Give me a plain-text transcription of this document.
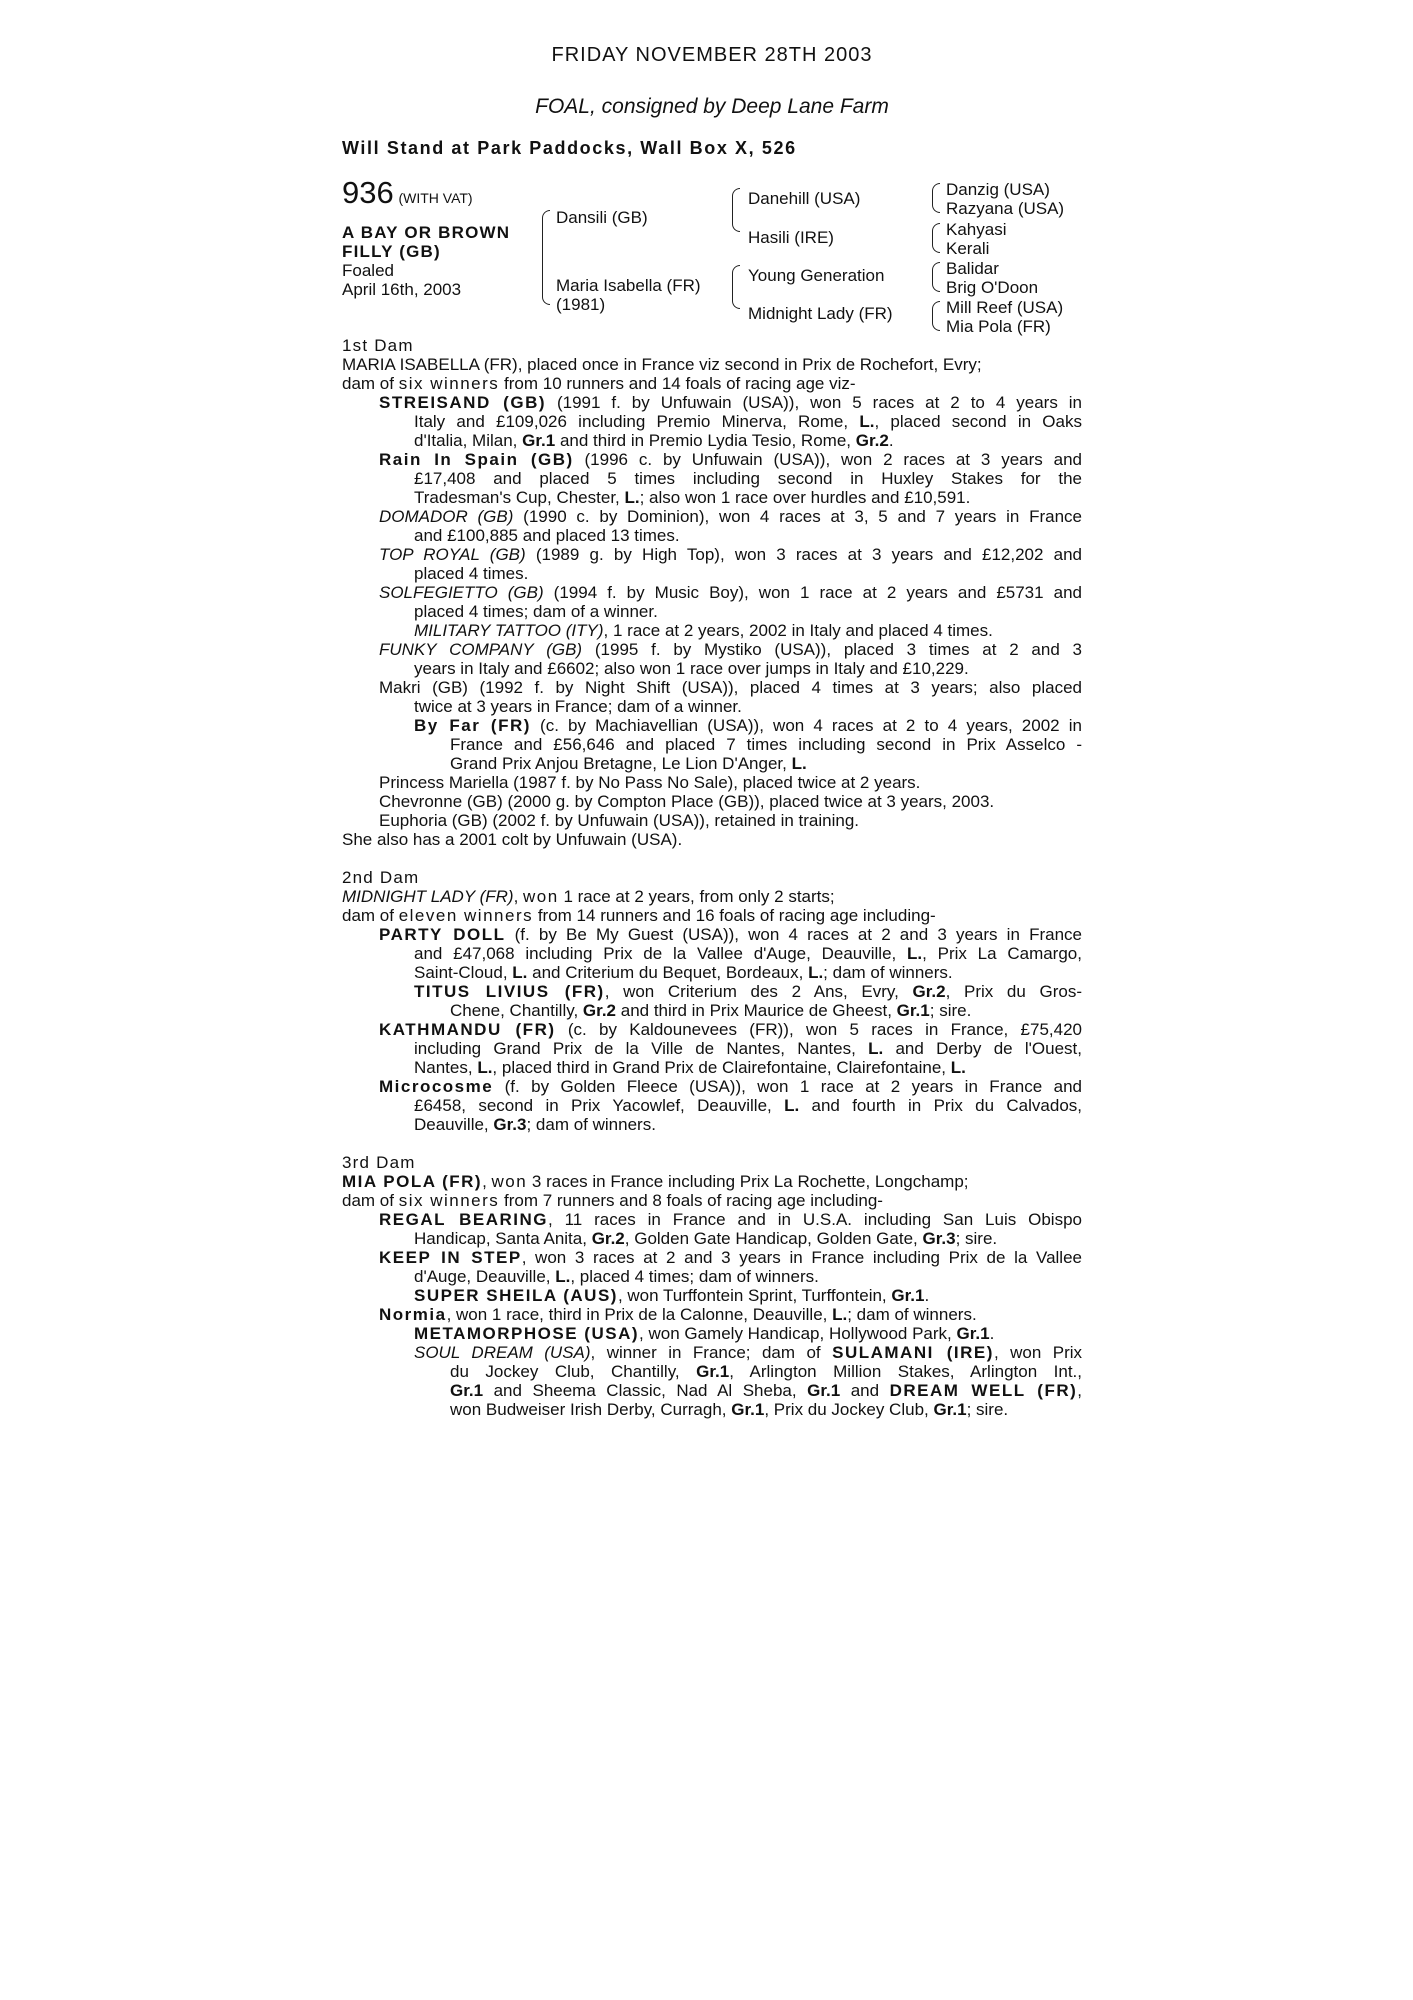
FRIDAY NOVEMBER 28TH 2003
FOAL, consigned by Deep Lane Farm
Will Stand at Park Paddocks, Wall Box X, 526
936 (WITH VAT)
A BAY OR BROWN
FILLY (GB)
Foaled
April 16th, 2003
Dansili (GB)
Maria Isabella (FR)
(1981)
Danehill (USA)
Hasili (IRE)
Young Generation
Midnight Lady (FR)
Danzig (USA)
Razyana (USA)
Kahyasi
Kerali
Balidar
Brig O'Doon
Mill Reef (USA)
Mia Pola (FR)
1st Dam
MARIA ISABELLA (FR), placed once in France viz second in Prix de Rochefort, Evry;
dam of six winners from 10 runners and 14 foals of racing age viz-
STREISAND (GB) (1991 f. by Unfuwain (USA)), won 5 races at 2 to 4 years in
Italy and £109,026 including Premio Minerva, Rome, L., placed second in Oaks
d'Italia, Milan, Gr.1 and third in Premio Lydia Tesio, Rome, Gr.2.
Rain In Spain (GB) (1996 c. by Unfuwain (USA)), won 2 races at 3 years and
£17,408 and placed 5 times including second in Huxley Stakes for the
Tradesman's Cup, Chester, L.; also won 1 race over hurdles and £10,591.
DOMADOR (GB) (1990 c. by Dominion), won 4 races at 3, 5 and 7 years in France
and £100,885 and placed 13 times.
TOP ROYAL (GB) (1989 g. by High Top), won 3 races at 3 years and £12,202 and
placed 4 times.
SOLFEGIETTO (GB) (1994 f. by Music Boy), won 1 race at 2 years and £5731 and
placed 4 times; dam of a winner.
MILITARY TATTOO (ITY), 1 race at 2 years, 2002 in Italy and placed 4 times.
FUNKY COMPANY (GB) (1995 f. by Mystiko (USA)), placed 3 times at 2 and 3
years in Italy and £6602; also won 1 race over jumps in Italy and £10,229.
Makri (GB) (1992 f. by Night Shift (USA)), placed 4 times at 3 years; also placed
twice at 3 years in France; dam of a winner.
By Far (FR) (c. by Machiavellian (USA)), won 4 races at 2 to 4 years, 2002 in
France and £56,646 and placed 7 times including second in Prix Asselco -
Grand Prix Anjou Bretagne, Le Lion D'Anger, L.
Princess Mariella (1987 f. by No Pass No Sale), placed twice at 2 years.
Chevronne (GB) (2000 g. by Compton Place (GB)), placed twice at 3 years, 2003.
Euphoria (GB) (2002 f. by Unfuwain (USA)), retained in training.
She also has a 2001 colt by Unfuwain (USA).
2nd Dam
MIDNIGHT LADY (FR), won 1 race at 2 years, from only 2 starts;
dam of eleven winners from 14 runners and 16 foals of racing age including-
PARTY DOLL (f. by Be My Guest (USA)), won 4 races at 2 and 3 years in France
and £47,068 including Prix de la Vallee d'Auge, Deauville, L., Prix La Camargo,
Saint-Cloud, L. and Criterium du Bequet, Bordeaux, L.; dam of winners.
TITUS LIVIUS (FR), won Criterium des 2 Ans, Evry, Gr.2, Prix du Gros-
Chene, Chantilly, Gr.2 and third in Prix Maurice de Gheest, Gr.1; sire.
KATHMANDU (FR) (c. by Kaldounevees (FR)), won 5 races in France, £75,420
including Grand Prix de la Ville de Nantes, Nantes, L. and Derby de l'Ouest,
Nantes, L., placed third in Grand Prix de Clairefontaine, Clairefontaine, L.
Microcosme (f. by Golden Fleece (USA)), won 1 race at 2 years in France and
£6458, second in Prix Yacowlef, Deauville, L. and fourth in Prix du Calvados,
Deauville, Gr.3; dam of winners.
3rd Dam
MIA POLA (FR), won 3 races in France including Prix La Rochette, Longchamp;
dam of six winners from 7 runners and 8 foals of racing age including-
REGAL BEARING, 11 races in France and in U.S.A. including San Luis Obispo
Handicap, Santa Anita, Gr.2, Golden Gate Handicap, Golden Gate, Gr.3; sire.
KEEP IN STEP, won 3 races at 2 and 3 years in France including Prix de la Vallee
d'Auge, Deauville, L., placed 4 times; dam of winners.
SUPER SHEILA (AUS), won Turffontein Sprint, Turffontein, Gr.1.
Normia, won 1 race, third in Prix de la Calonne, Deauville, L.; dam of winners.
METAMORPHOSE (USA), won Gamely Handicap, Hollywood Park, Gr.1.
SOUL DREAM (USA), winner in France; dam of SULAMANI (IRE), won Prix
du Jockey Club, Chantilly, Gr.1, Arlington Million Stakes, Arlington Int.,
Gr.1 and Sheema Classic, Nad Al Sheba, Gr.1 and DREAM WELL (FR),
won Budweiser Irish Derby, Curragh, Gr.1, Prix du Jockey Club, Gr.1; sire.
